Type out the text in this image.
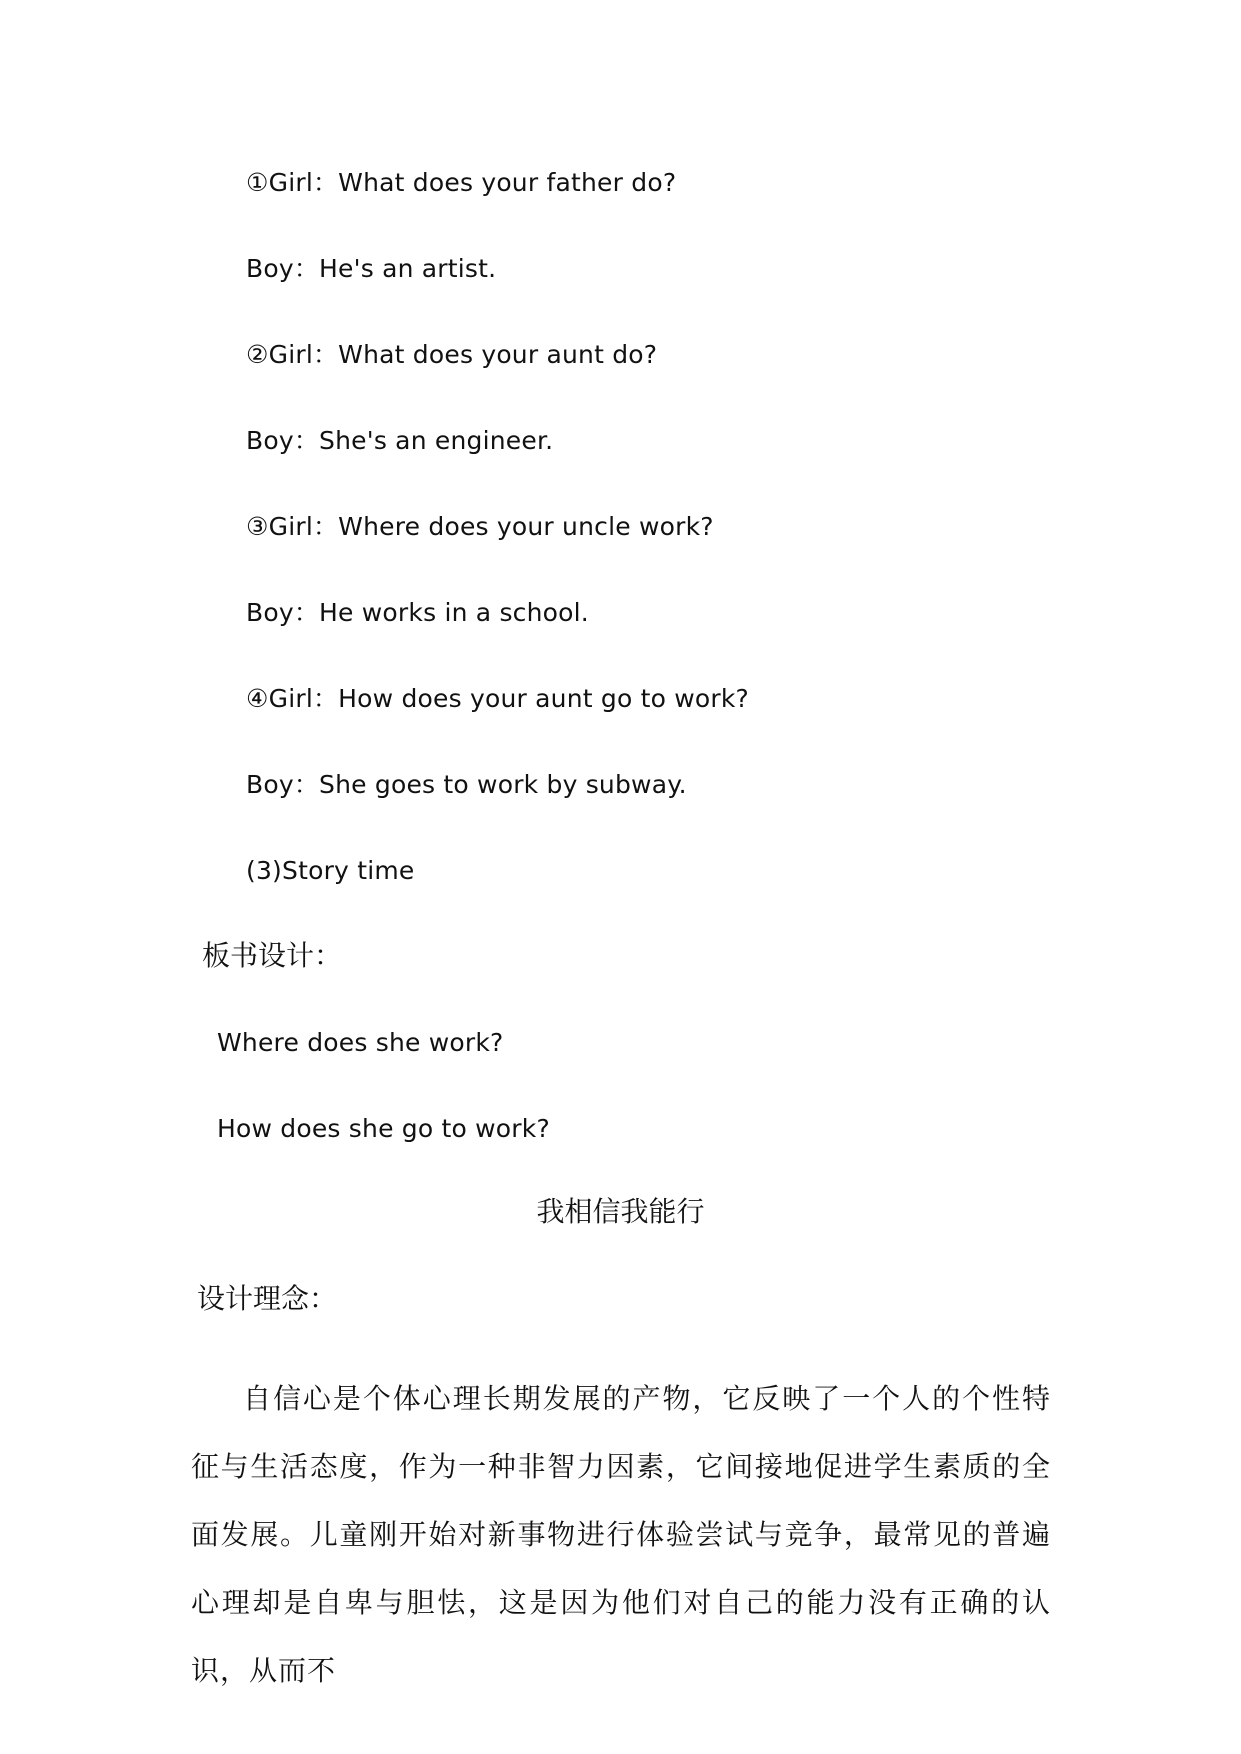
①Girl：What does your father do?
Boy：He's an artist.
②Girl：What does your aunt do?
Boy：She's an engineer.
③Girl：Where does your uncle work?
Boy：He works in a school.
④Girl：How does your aunt go to work?
Boy：She goes to work by subway.
(3)Story time
板书设计：
Where does she work?
How does she go to work?
我相信我能行
设计理念：
自信心是个体心理长期发展的产物，它反映了一个人的个性特征与生活态度，作为一种非智力因素，它间接地促进学生素质的全面发展。儿童刚开始对新事物进行体验尝试与竞争，最常见的普遍心理却是自卑与胆怯，这是因为他们对自己的能力没有正确的认识，从而不
